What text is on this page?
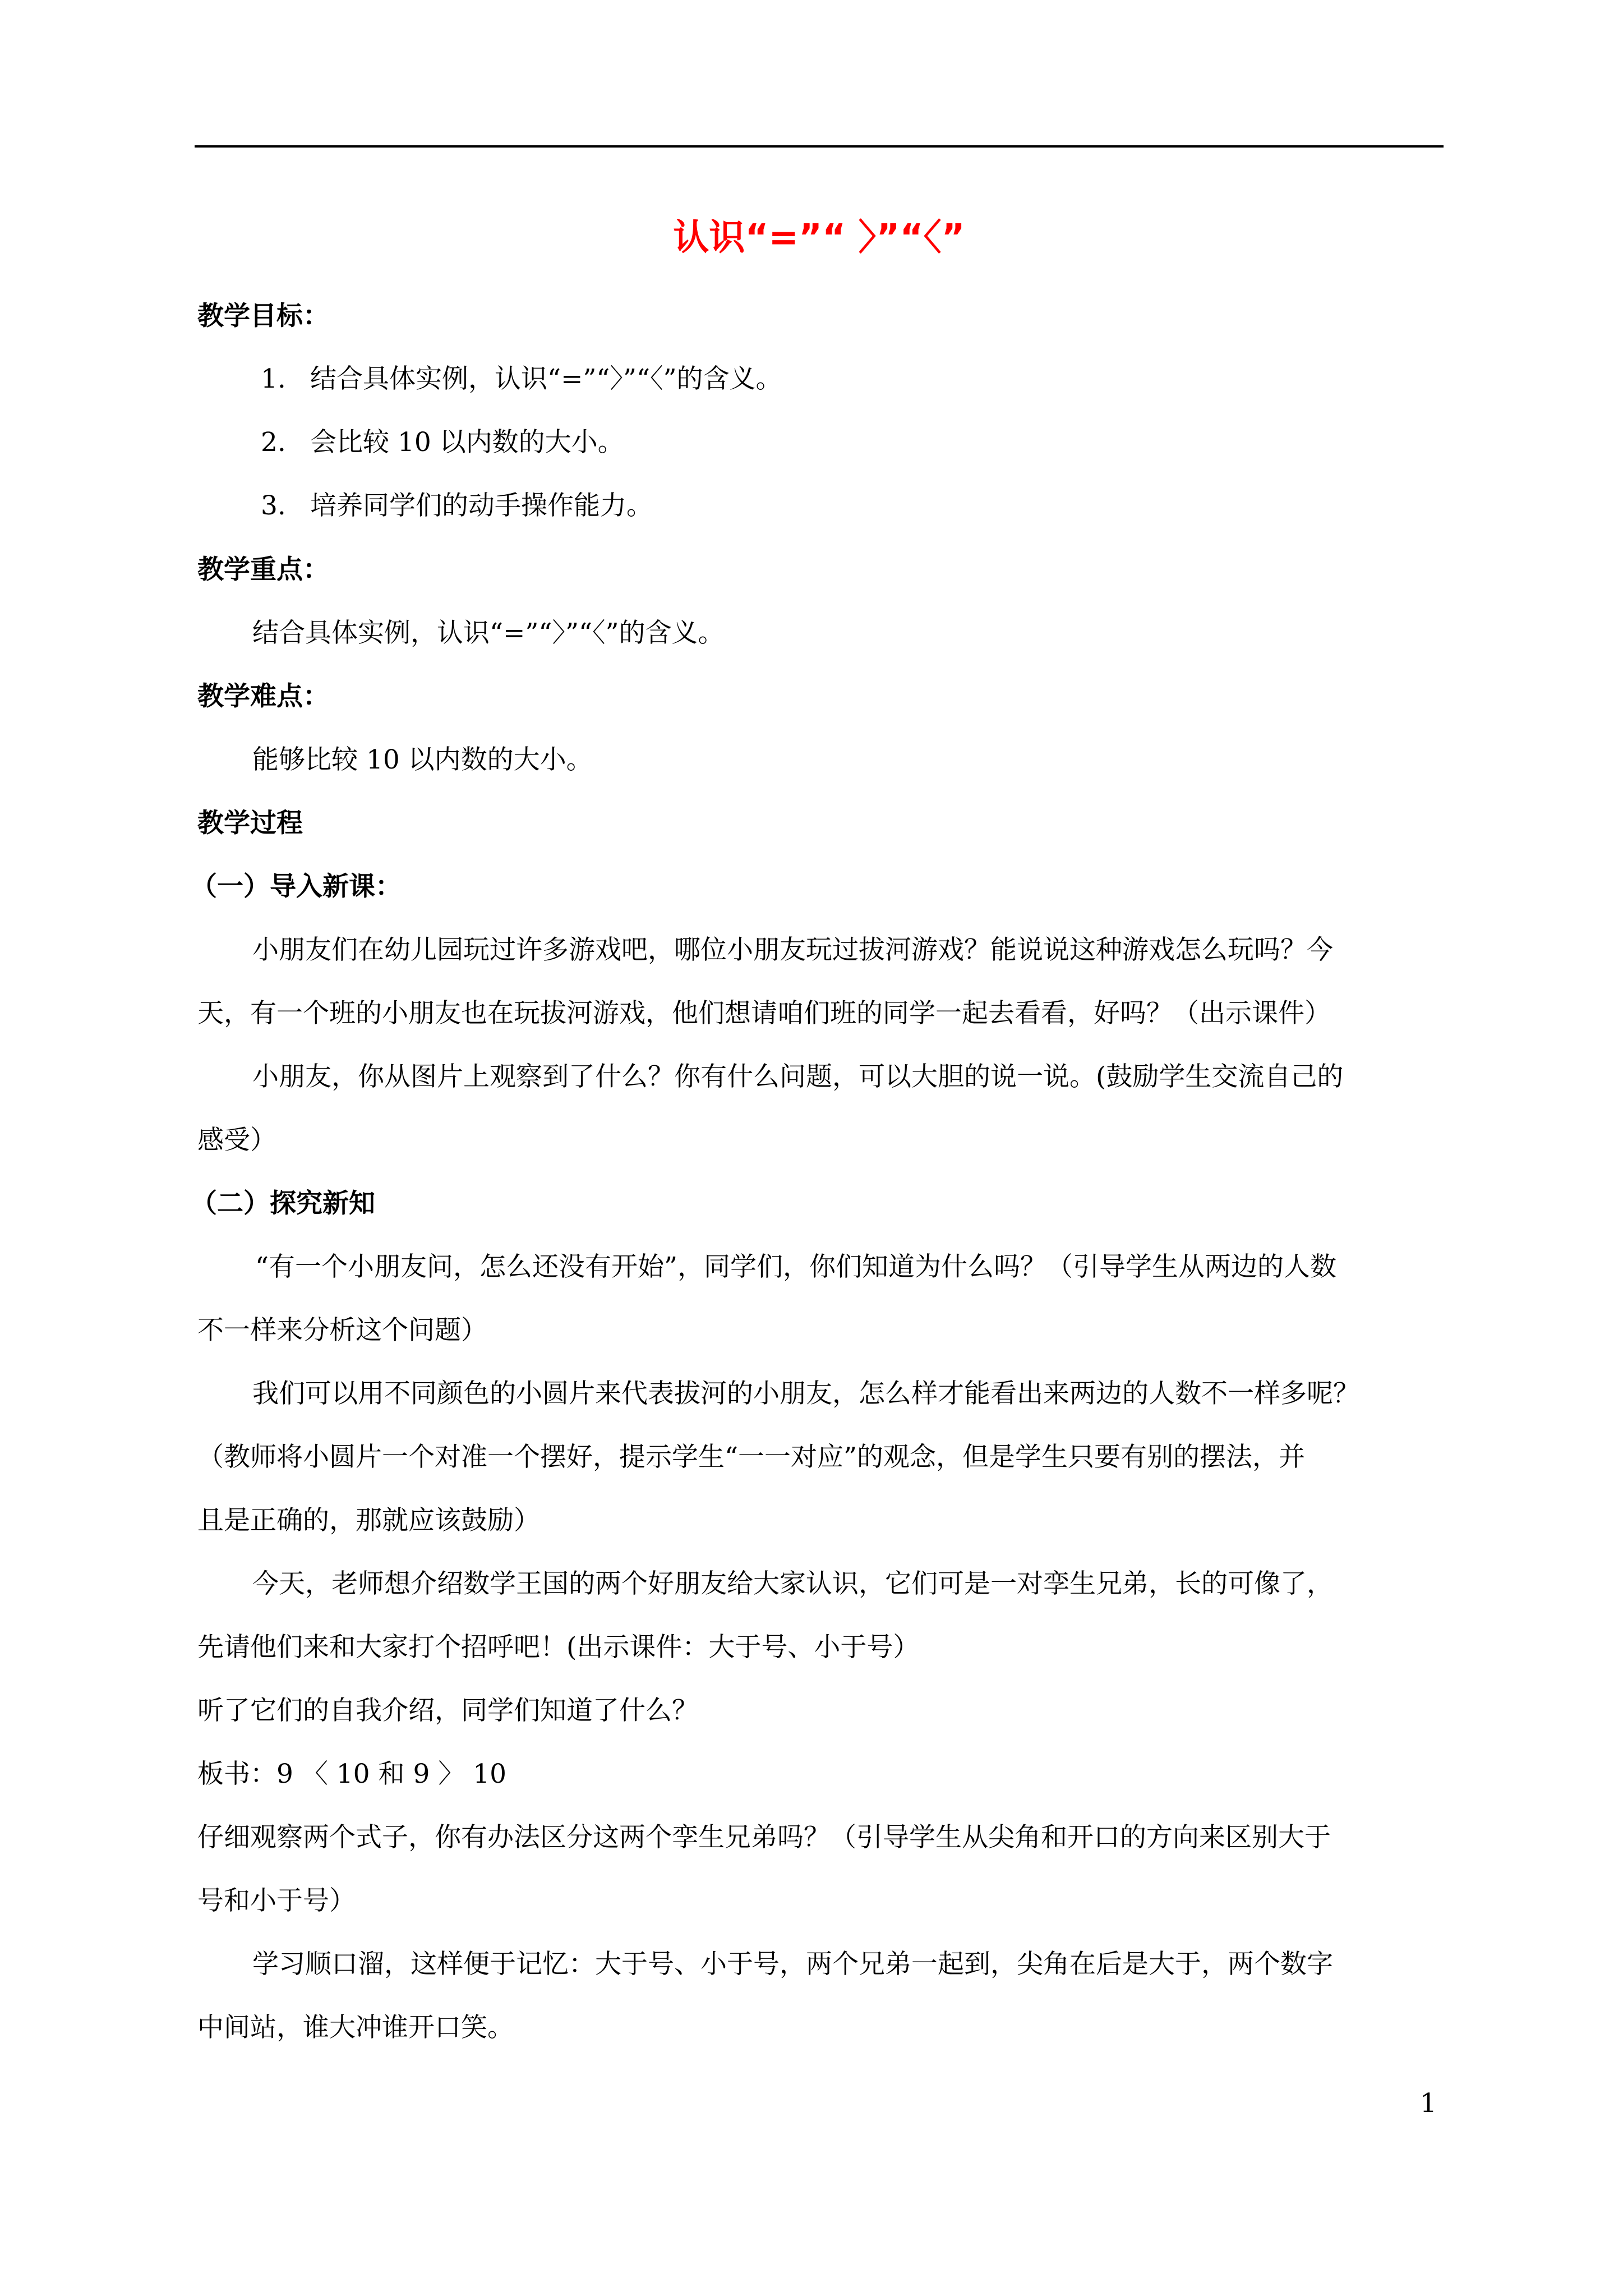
认识“=”“ 〉”“〈”
教学目标：
1. 结合具体实例，认识“=”“〉”“〈”的含义。
2. 会比较 10 以内数的大小。
3. 培养同学们的动手操作能力。
教学重点：
结合具体实例，认识“=”“〉”“〈”的含义。
教学难点：
能够比较 10 以内数的大小。
教学过程
（一）导入新课：
小朋友们在幼儿园玩过许多游戏吧，哪位小朋友玩过拔河游戏？能说说这种游戏怎么玩吗？今
天，有一个班的小朋友也在玩拔河游戏，他们想请咱们班的同学一起去看看，好吗？（出示课件）
小朋友，你从图片上观察到了什么？你有什么问题，可以大胆的说一说。(鼓励学生交流自己的
感受）
（二）探究新知
“有一个小朋友问，怎么还没有开始”，同学们，你们知道为什么吗？（引导学生从两边的人数
不一样来分析这个问题）
我们可以用不同颜色的小圆片来代表拔河的小朋友，怎么样才能看出来两边的人数不一样多呢？
（教师将小圆片一个对准一个摆好，提示学生“一一对应”的观念，但是学生只要有别的摆法，并
且是正确的，那就应该鼓励）
今天，老师想介绍数学王国的两个好朋友给大家认识，它们可是一对孪生兄弟，长的可像了，
先请他们来和大家打个招呼吧！(出示课件：大于号、小于号）
听了它们的自我介绍，同学们知道了什么？
板书：9 〈 10 和 9 〉 10
仔细观察两个式子，你有办法区分这两个孪生兄弟吗？（引导学生从尖角和开口的方向来区别大于
号和小于号）
学习顺口溜，这样便于记忆：大于号、小于号，两个兄弟一起到，尖角在后是大于，两个数字
中间站，谁大冲谁开口笑。
1
